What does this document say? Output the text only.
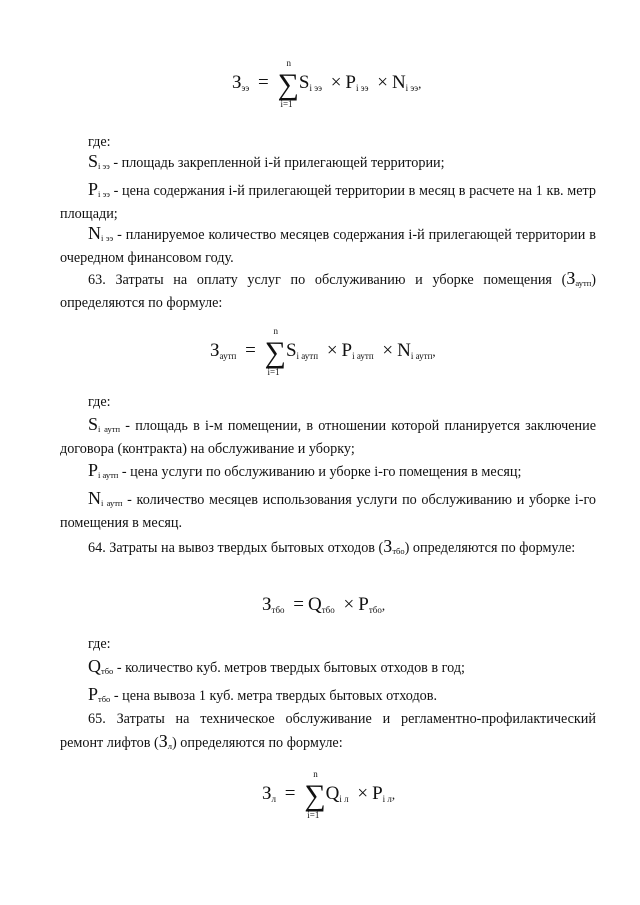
Зээ = ∑
n
i=1
Si ээ × Pi ээ × Ni ээ,
где:
Si ээ - площадь закрепленной i-й прилегающей территории;
Pi ээ - цена содержания i-й прилегающей территории в месяц в расчете на 1 кв. метр площади;
Ni ээ - планируемое количество месяцев содержания i-й прилегающей территории в очередном финансовом году.
63. Затраты на оплату услуг по обслуживанию и уборке помещения (Заутп) определяются по формуле:
Заутп = ∑
n
i=1
Si аутп × Pi аутп × Ni аутп,
где:
Si аутп - площадь в i-м помещении, в отношении которой планируется заключение договора (контракта) на обслуживание и уборку;
Pi аутп - цена услуги по обслуживанию и уборке i-го помещения в месяц;
Ni аутп - количество месяцев использования услуги по обслуживанию и уборке i-го помещения в месяц.
64. Затраты на вывоз твердых бытовых отходов (Зтбо) определяются по формуле:
Зтбо = Qтбо × Pтбо,
где:
Qтбо - количество куб. метров твердых бытовых отходов в год;
Pтбо - цена вывоза 1 куб. метра твердых бытовых отходов.
65. Затраты на техническое обслуживание и регламентно-профилактический ремонт лифтов (Зл) определяются по формуле:
Зл = ∑
n
i=1
Qi л × Pi л,
